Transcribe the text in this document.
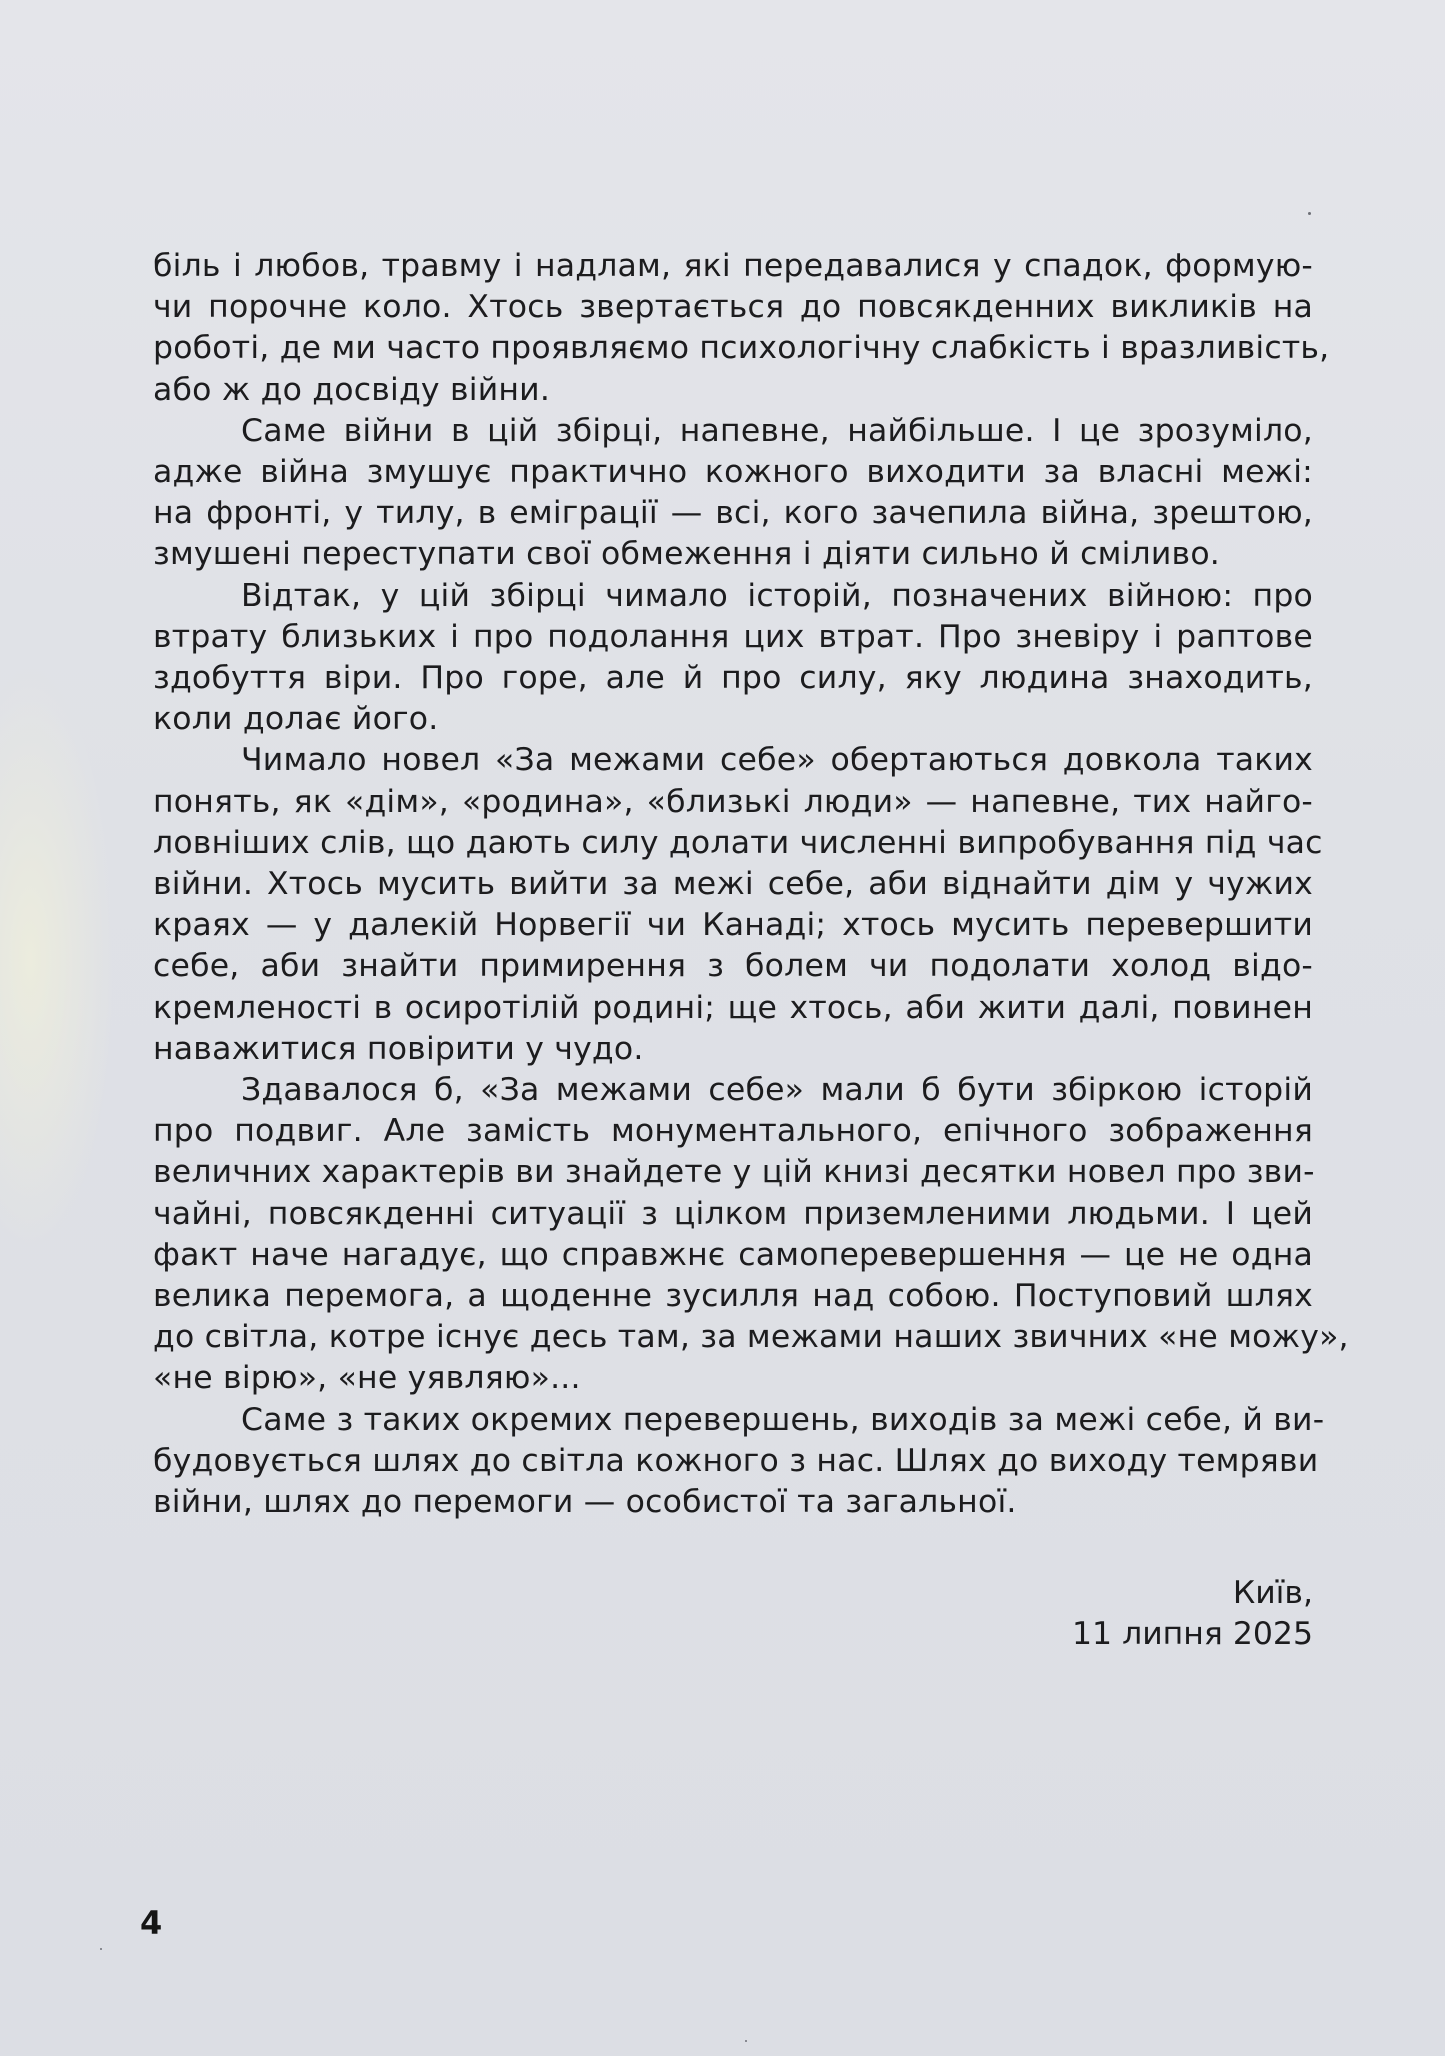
біль і любов, травму і надлам, які передавалися у спадок, формую-
чи порочне коло. Хтось звертається до повсякденних викликів на
роботі, де ми часто проявляємо психологічну слабкість і вразливість,
або ж до досвіду війни.

Саме війни в цій збірці, напевне, найбільше. І це зрозуміло,
адже війна змушує практично кожного виходити за власні межі:
на фронті, у тилу, в еміграції — всі, кого зачепила війна, зрештою,
змушені переступати свої обмеження і діяти сильно й сміливо.

Відтак, у цій збірці чимало історій, позначених війною: про
втрату близьких і про подолання цих втрат. Про зневіру і раптове
здобуття віри. Про горе, але й про силу, яку людина знаходить,
коли долає його.

Чимало новел «За межами себе» обертаються довкола таких
понять, як «дім», «родина», «близькі люди» — напевне, тих найго-
ловніших слів, що дають силу долати численні випробування під час
війни. Хтось мусить вийти за межі себе, аби віднайти дім у чужих
краях — у далекій Норвегії чи Канаді; хтось мусить перевершити
себе, аби знайти примирення з болем чи подолати холод відо-
кремленості в осиротілій родині; ще хтось, аби жити далі, повинен
наважитися повірити у чудо.

Здавалося б, «За межами себе» мали б бути збіркою історій
про подвиг. Але замість монументального, епічного зображення
величних характерів ви знайдете у цій книзі десятки новел про зви-
чайні, повсякденні ситуації з цілком приземленими людьми. І цей
факт наче нагадує, що справжнє самоперевершення — це не одна
велика перемога, а щоденне зусилля над собою. Поступовий шлях
до світла, котре існує десь там, за межами наших звичних «не можу»,
«не вірю», «не уявляю»...

Саме з таких окремих перевершень, виходів за межі себе, й ви-
будовується шлях до світла кожного з нас. Шлях до виходу темряви
війни, шлях до перемоги — особистої та загальної.

Київ,
11 липня 2025
4
